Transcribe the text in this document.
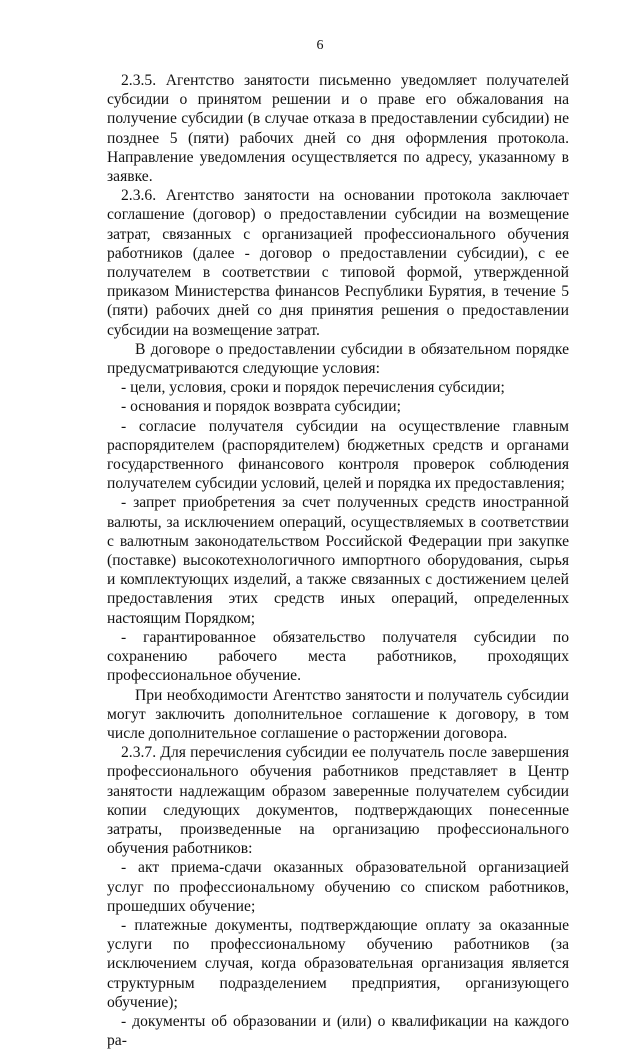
6

2.3.5. Агентство занятости письменно уведомляет получателей субсидии о принятом решении и о праве его обжалования на получение субсидии (в случае отказа в предоставлении субсидии) не позднее 5 (пяти) рабочих дней со дня оформления протокола. Направление уведомления осуществляется по адресу, указанному в заявке.

2.3.6. Агентство занятости на основании протокола заключает соглашение (договор) о предоставлении субсидии на возмещение затрат, связанных с организацией профессионального обучения работников (далее - договор о предоставлении субсидии), с ее получателем в соответствии с типовой формой, утвержденной приказом Министерства финансов Республики Бурятия, в течение 5 (пяти) рабочих дней со дня принятия решения о предоставлении субсидии на возмещение затрат.

В договоре о предоставлении субсидии в обязательном порядке предусматриваются следующие условия:

- цели, условия, сроки и порядок перечисления субсидии;

- основания и порядок возврата субсидии;

- согласие получателя субсидии на осуществление главным распорядителем (распорядителем) бюджетных средств и органами государственного финансового контроля проверок соблюдения получателем субсидии условий, целей и порядка их предоставления;

- запрет приобретения за счет полученных средств иностранной валюты, за исключением операций, осуществляемых в соответствии с валютным законодательством Российской Федерации при закупке (поставке) высокотехнологичного импортного оборудования, сырья и комплектующих изделий, а также связанных с достижением целей предоставления этих средств иных операций, определенных настоящим Порядком;

- гарантированное обязательство получателя субсидии по сохранению рабочего места работников, проходящих профессиональное обучение.

При необходимости Агентство занятости и получатель субсидии могут заключить дополнительное соглашение к договору, в том числе дополнительное соглашение о расторжении договора.

2.3.7. Для перечисления субсидии ее получатель после завершения профессионального обучения работников представляет в Центр занятости надлежащим образом заверенные получателем субсидии копии следующих документов, подтверждающих понесенные затраты, произведенные на организацию профессионального обучения работников:

- акт приема-сдачи оказанных образовательной организацией услуг по профессиональному обучению со списком работников, прошедших обучение;

- платежные документы, подтверждающие оплату за оказанные услуги по профессиональному обучению работников (за исключением случая, когда образовательная организация является структурным подразделением предприятия, организующего обучение);

- документы об образовании и (или) о квалификации на каждого ра-
